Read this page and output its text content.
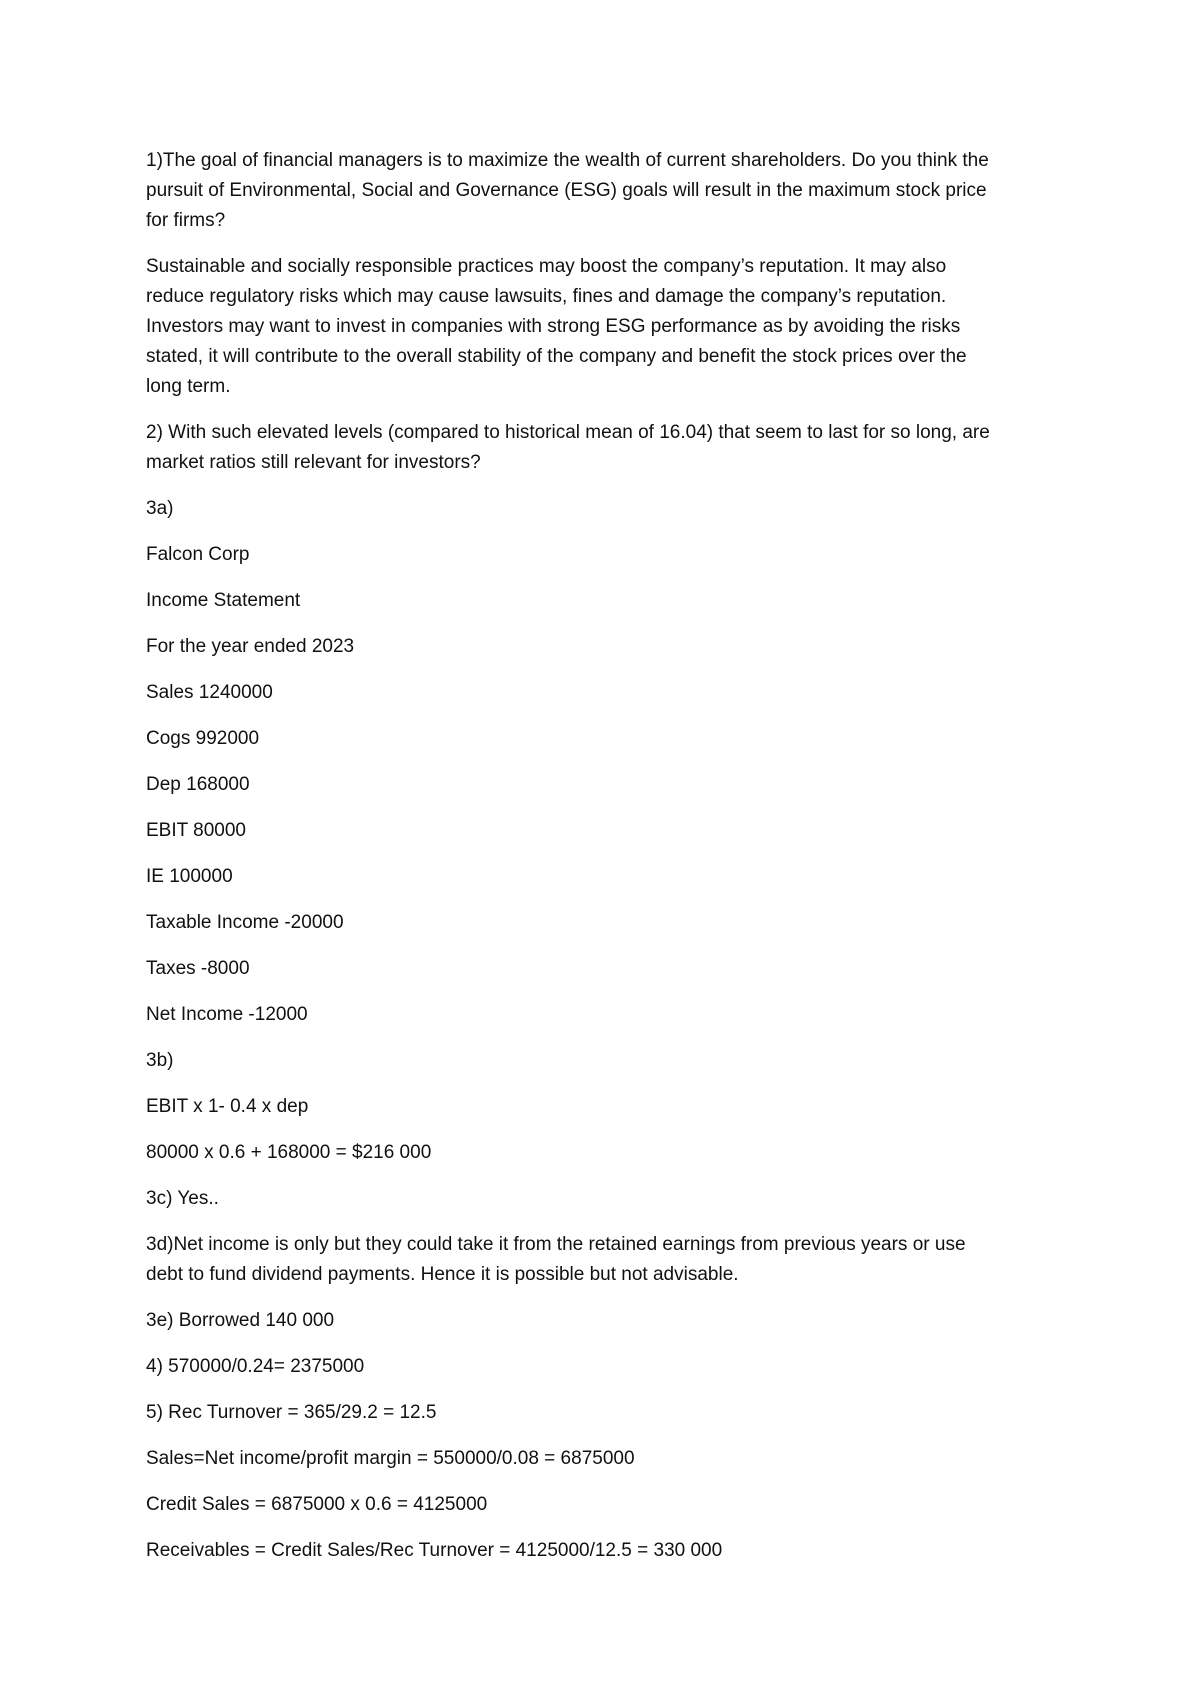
1)The goal of financial managers is to maximize the wealth of current shareholders. Do you think the
pursuit of Environmental, Social and Governance (ESG) goals will result in the maximum stock price
for firms?

Sustainable and socially responsible practices may boost the company’s reputation. It may also
reduce regulatory risks which may cause lawsuits, fines and damage the company’s reputation.
Investors may want to invest in companies with strong ESG performance as by avoiding the risks
stated, it will contribute to the overall stability of the company and benefit the stock prices over the
long term.

2) With such elevated levels (compared to historical mean of 16.04) that seem to last for so long, are
market ratios still relevant for investors?

3a)

Falcon Corp

Income Statement

For the year ended 2023

Sales 1240000

Cogs 992000

Dep 168000

EBIT 80000

IE 100000

Taxable Income -20000

Taxes -8000

Net Income -12000

3b)

EBIT x 1- 0.4 x dep

80000 x 0.6 + 168000 = $216 000

3c) Yes..

3d)Net income is only but they could take it from the retained earnings from previous years or use
debt to fund dividend payments. Hence it is possible but not advisable.

3e) Borrowed 140 000

4) 570000/0.24= 2375000

5) Rec Turnover = 365/29.2 = 12.5

Sales=Net income/profit margin = 550000/0.08 = 6875000

Credit Sales = 6875000 x 0.6 = 4125000

Receivables = Credit Sales/Rec Turnover = 4125000/12.5 = 330 000
